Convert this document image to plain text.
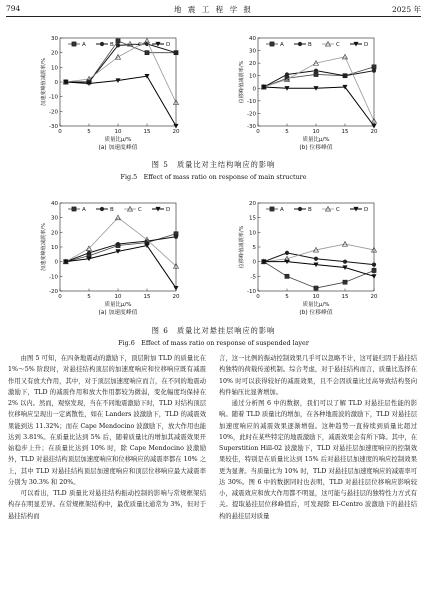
794	地 震 工 程 学 报	2025 年
-30
-20
-10
0
10
20
30
0	5	10	15	20
加速度峰值减震率/%
质量比μ/%
(a) 加速度峰值
A	B	C	D
-30
-20
-10
0
10
20
30
40
0	5	10	15	20
位移峰值减震率/%
质量比μ/%
(b) 位移峰值
A	B	C	D
图 5　质量比对主结构响应的影响
Fig.5　Effect of mass ratio on response of main structure
-20
-10
0
10
20
30
40
0	5	10	15	20
加速度峰值减震率/%
质量比μ/%
(a) 加速度峰值
A	B	C	D
-10
-5
0
5
10
15
20
0	5	10	15	20
位移峰值减震率/%
质量比μ/%
(b) 位移峰值
A	B	C	D
图 6　质量比对悬挂层响应的影响
Fig.6　Effect of mass ratio on response of suspended layer

由图 5 可知，在四条地震动的激励下，顶层附加 TLD 的质量比在 1%～5% 阶段时，对悬挂结构顶层的加速度响应和位移响应既有减震作用又有放大作用，其中，对于顶层加速度响应而言，在不同的地震动激励下，TLD 的减震作用和放大作用都较为微弱，变化幅度均保持在 2% 以内。然而，观察发现，当在不同地震激励下时，TLD 对结构顶层位移响应呈现出一定离散性，如在 Landers 波激励下，TLD 的减震效果能到达 11.32%；而在 Cape Mendocino 波激励下，放大作用也能达到 3.81%。在质量比达到 5% 后，随着质量比的增加其减震效果开始稳步上升；在质量比达到 10% 时，除 Cape Mendocino 波激励外，TLD 对悬挂结构顶层加速度响应和位移响应的减震率都在 10% 之上，其中 TLD 对悬挂结构顶层加速度响应和顶层位移响应最大减震率分别为 30.3% 和 20%。

可以看出，TLD 质量比对悬挂结构振动控制的影响与常规框架结构存在明显差异。在常规框架结构中，最优质量比通常为 3%，但对于悬挂结构而

言，这一比例的振动控制效果几乎可以忽略不计，这可能归因于悬挂结构独特的荷载传递机制。综合考虑，对于悬挂结构而言，质量比选择在 10% 时可以获得较好的减震效果，且不会因质量比过高导致结构竖向构件轴压比显著增加。

通过分析图 6 中的数据，我们可以了解 TLD 对悬挂层性能的影响。随着 TLD 质量比的增加，在各种地震波的激励下，TLD 对悬挂层加速度响应的减震效果逐渐增强。这种趋势一直持续到质量比超过 10%，此时在某些特定的地震激励下，减震效果会有所下降。其中，在 Superstition Hill-02 波激励下，TLD 对悬挂层加速度响应的控制效果较佳，特别是在质量比达到 15% 后对悬挂层加速度的响应控制效果更为显著。当质量比为 10% 时，TLD 对悬挂层加速度响应的减震率可达 30%。图 6 中的数据同时也表明，TLD 对悬挂层位移响应影响较小，减震效应和放大作用都不明显，这可能与悬挂层的独特性力方式有关。提取悬挂层位移峰值后，可发现除 El-Centro 波激励下的悬挂结构的悬挂层对质量
